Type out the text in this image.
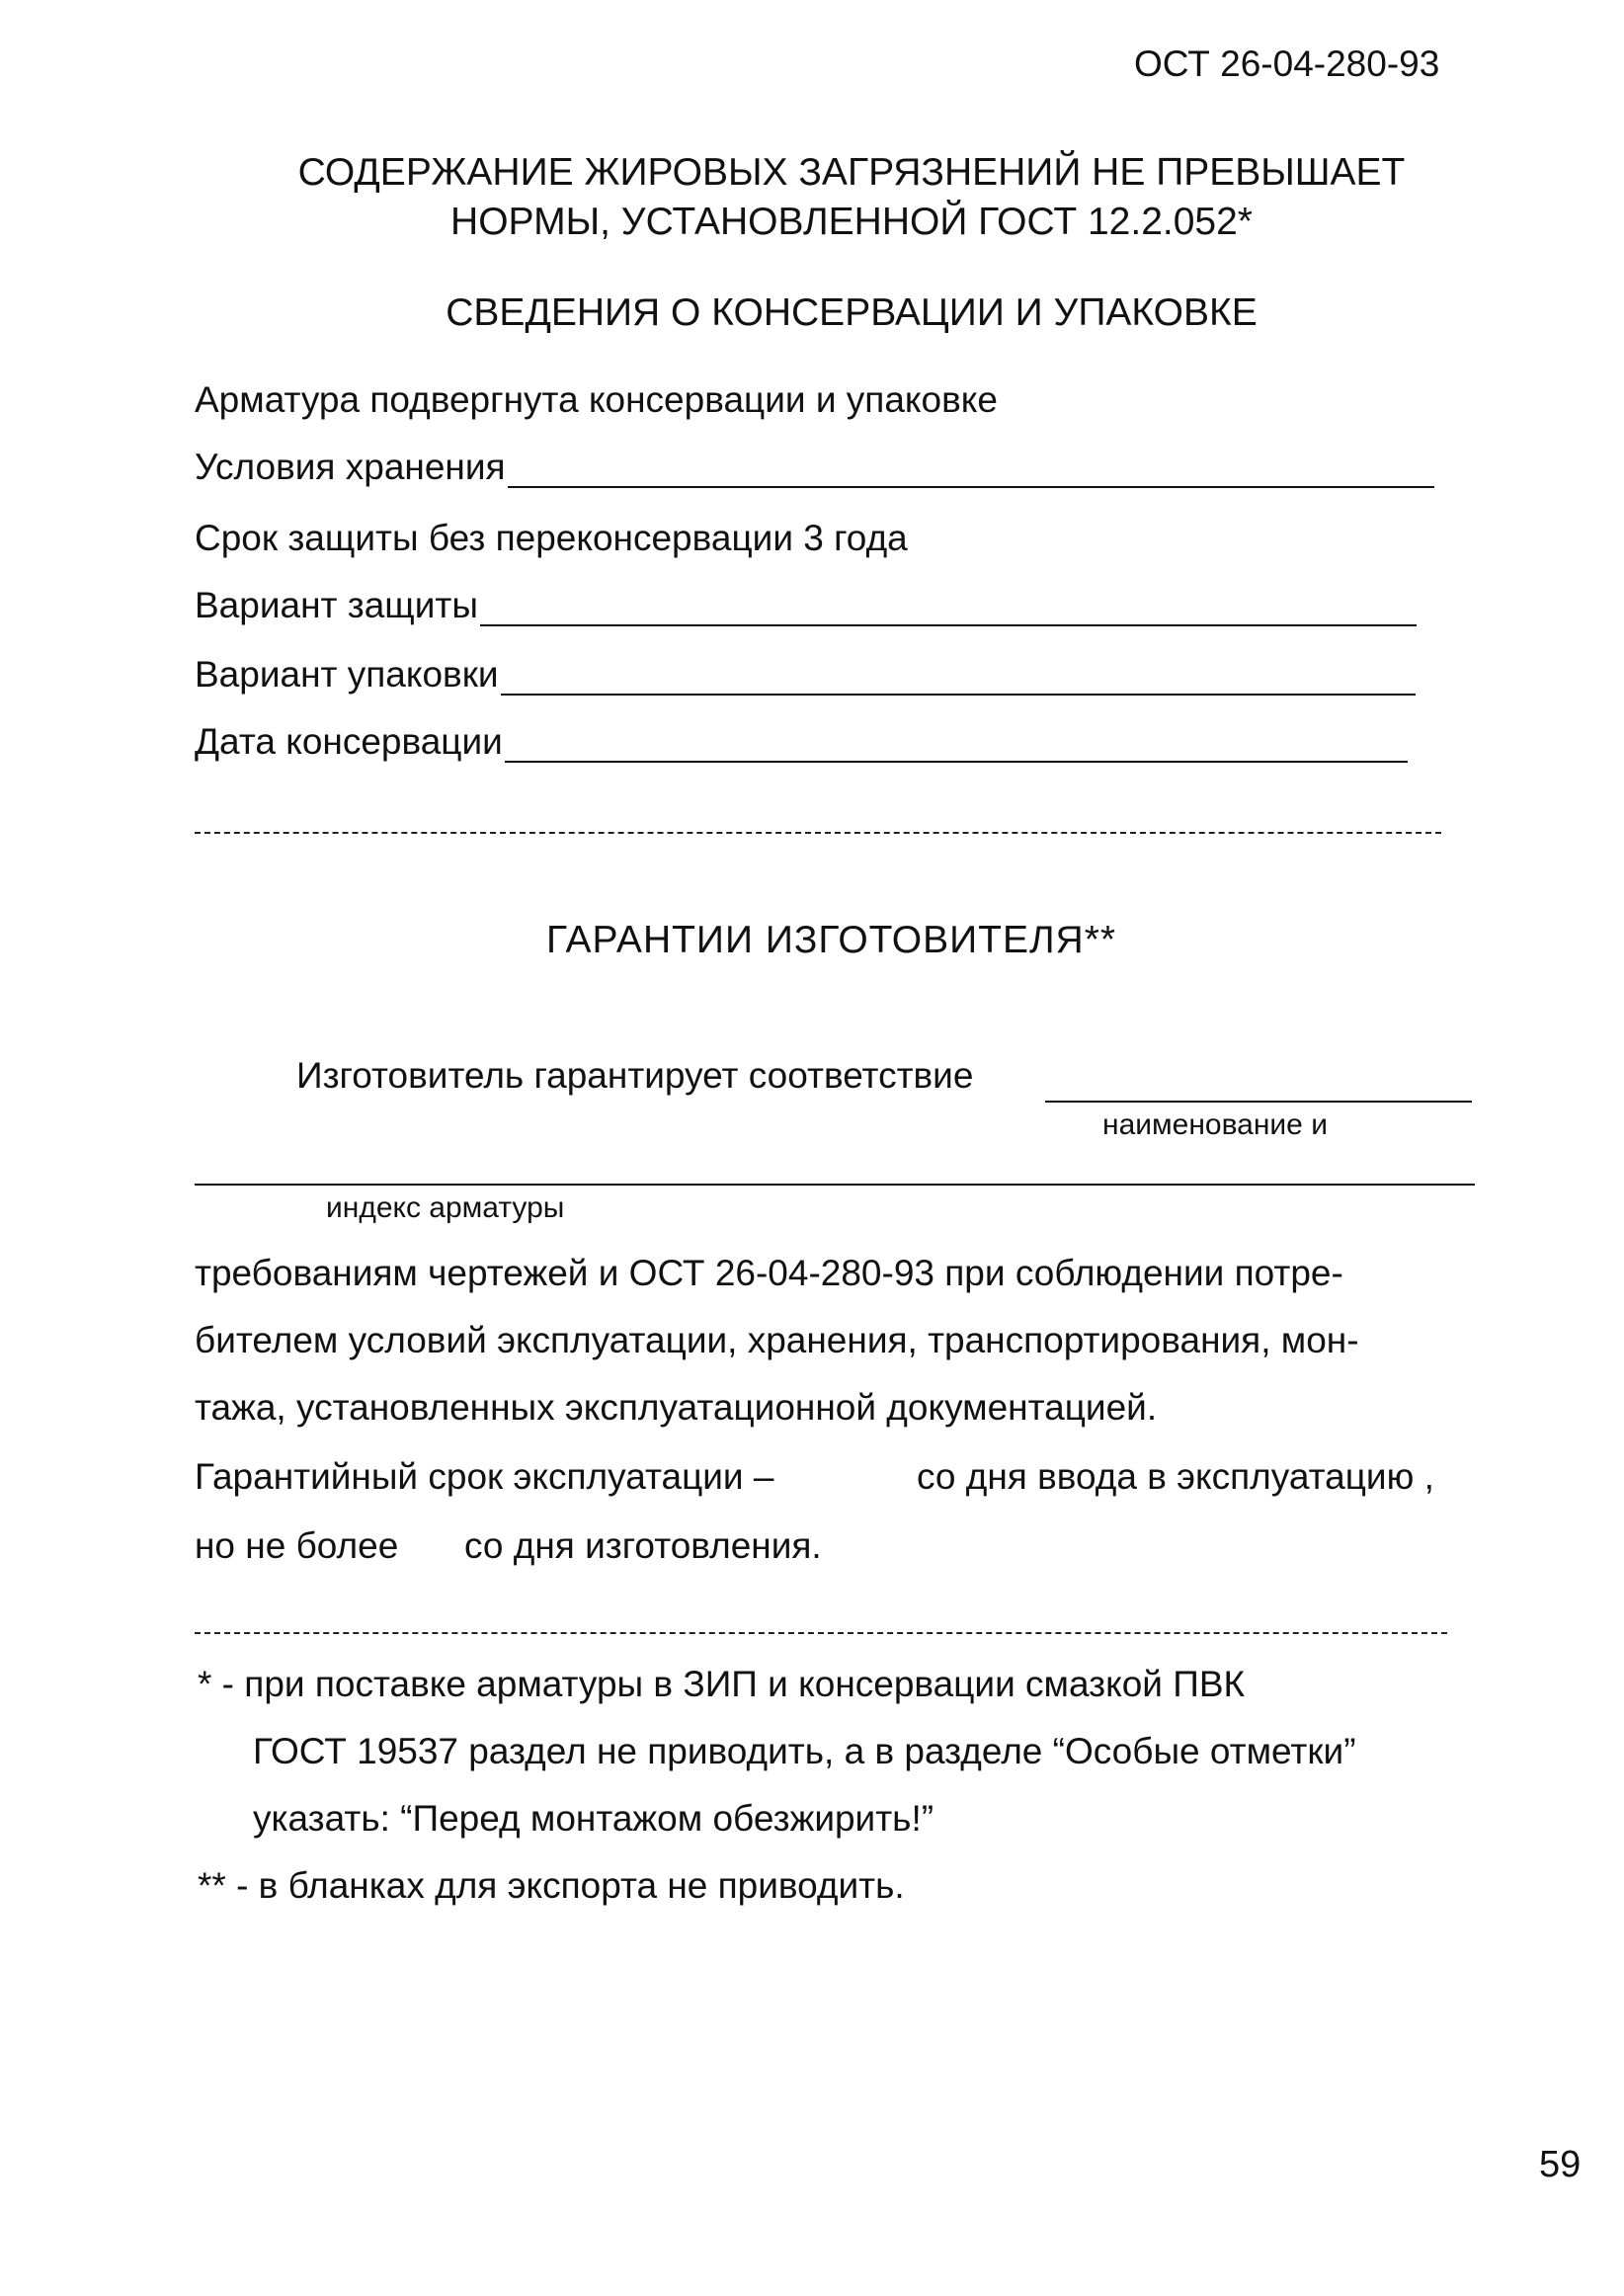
ОСТ 26-04-280-93
СОДЕРЖАНИЕ ЖИРОВЫХ ЗАГРЯЗНЕНИЙ НЕ ПРЕВЫШАЕТ
НОРМЫ, УСТАНОВЛЕННОЙ ГОСТ 12.2.052*
СВЕДЕНИЯ О КОНСЕРВАЦИИ И УПАКОВКЕ
Арматура подвергнута консервации и упаковке
Условия хранения
Срок защиты без переконсервации 3 года
Вариант защиты
Вариант упаковки
Дата консервации
ГАРАНТИИ ИЗГОТОВИТЕЛЯ**
Изготовитель гарантирует соответствие
наименование и
индекс арматуры
требованиям чертежей и ОСТ 26-04-280-93 при соблюдении потре-
бителем условий эксплуатации, хранения, транспортирования, мон-
тажа, установленных эксплуатационной документацией.
Гарантийный срок эксплуатации –	со дня ввода в эксплуатацию ,
но не более со дня изготовления.
* - при поставке арматуры в ЗИП и консервации смазкой ПВК
ГОСТ 19537 раздел не приводить, а в разделе “Особые отметки”
указать: “Перед монтажом обезжирить!”
** - в бланках для экспорта не приводить.
59
